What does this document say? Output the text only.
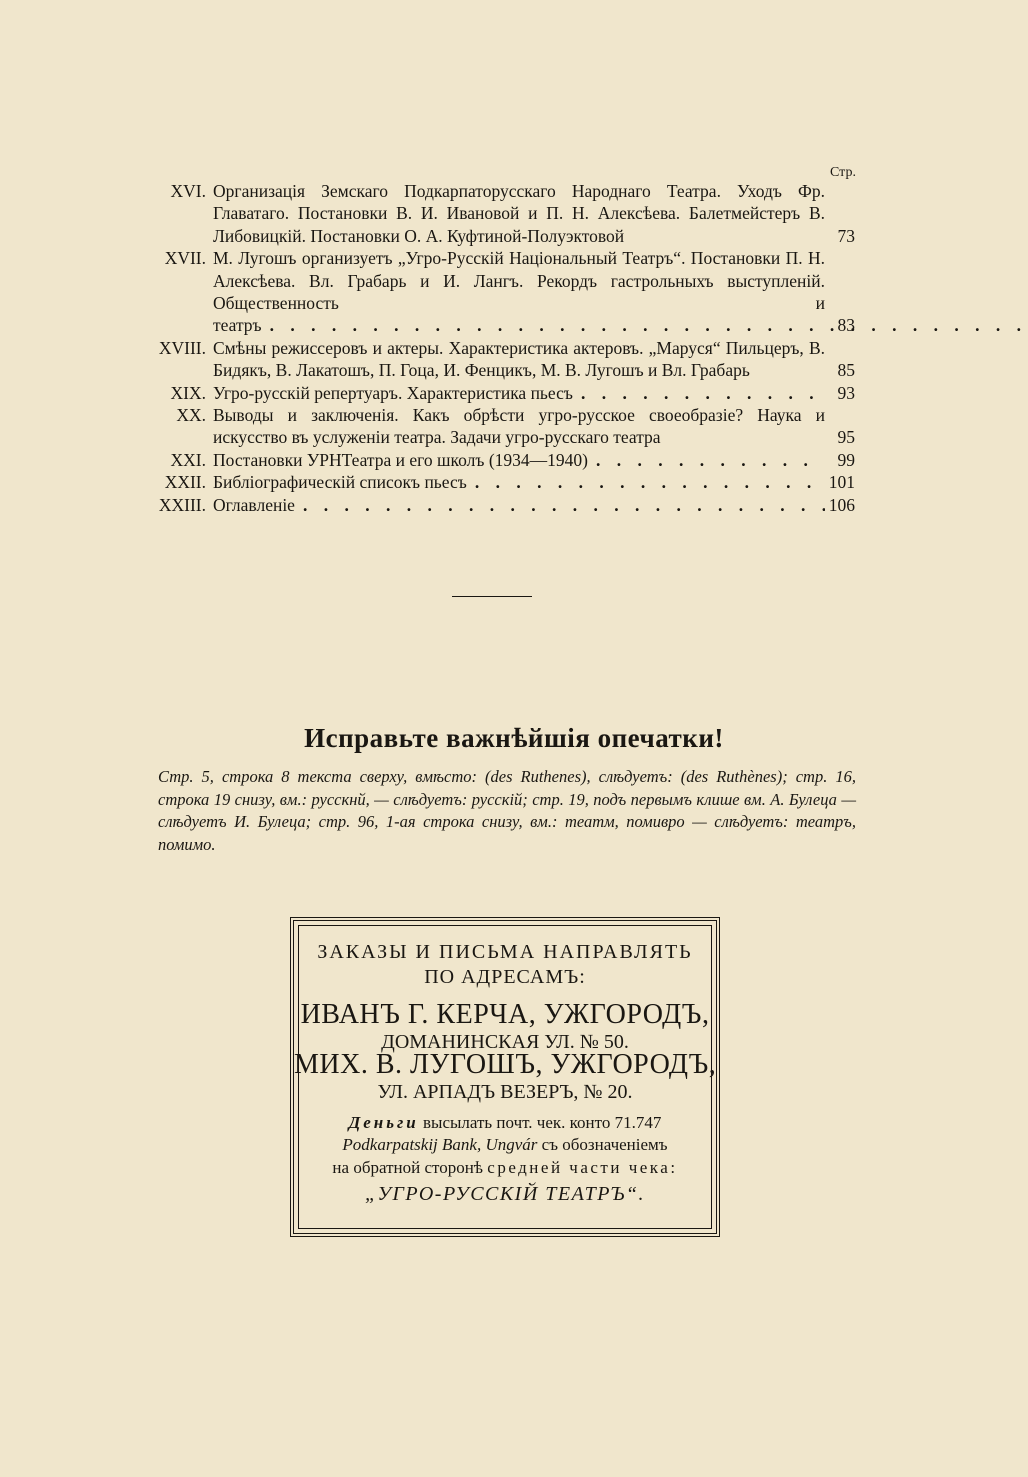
Стр.
XVI. Организація Земскаго Подкарпаторусскаго Народнаго Театра. Уходъ Фр. Главатаго. Постановки В. И. Ивановой и П. Н. Алексѣева. Балетмейстеръ В. Либовицкій. Постановки О. А. Куфтиной-Полуэктовой	73
XVII. М. Лугошъ организуетъ „Угро-Русскій Національный Театръ“. Постановки П. Н. Алексѣева. Вл. Грабарь и И. Лангъ. Рекордъ гастрольныхъ выступленій. Общественность и театръ . . .	83
XVIII. Смѣны режиссеровъ и актеры. Характеристика актеровъ. „Маруся“ Пильцеръ, В. Бидякъ, В. Лакатошъ, П. Гоца, И. Фенцикъ, М. В. Лугошъ и Вл. Грабарь	85
XIX. Угро-русскій репертуаръ. Характеристика пьесъ . . .	93
XX. Выводы и заключенія. Какъ обрѣсти угро-русское своеобразіе? Наука и искусство въ услуженіи театра. Задачи угро-русскаго театра	95
XXI. Постановки УРНТеатра и его школъ (1934—1940) . . .	99
XXII. Библіографическій списокъ пьесъ . . .	101
XXIII. Оглавленіе . . .	106
Исправьте важнѣйшія опечатки!
Стр. 5, строка 8 текста сверху, вмѣсто: (des Ruthenes), слѣдуетъ: (des Ruthènes); стр. 16, строка 19 снизу, вм.: русскнй, — слѣдуетъ: русскій; стр. 19, подъ первымъ клише вм. А. Булеца — слѣдуетъ И. Булеца; стр. 96, 1-ая строка снизу, вм.: театм, помивро — слѣдуетъ: театръ, помимо.
ЗАКАЗЫ И ПИСЬМА НАПРАВЛЯТЬ
ПО АДРЕСАМЪ:
ИВАНЪ Г. КЕРЧА, УЖГОРОДЪ,
ДОМАНИНСКАЯ УЛ. № 50.
МИХ. В. ЛУГОШЪ, УЖГОРОДЪ,
УЛ. АРПАДЪ ВЕЗЕРЪ, № 20.
Деньги высылать почт. чек. конто 71.747
Podkarpatskij Bank, Ungvár съ обозначеніемъ
на обратной сторонѣ средней части чека:
„УГРО-РУССКІЙ ТЕАТРЪ“.
